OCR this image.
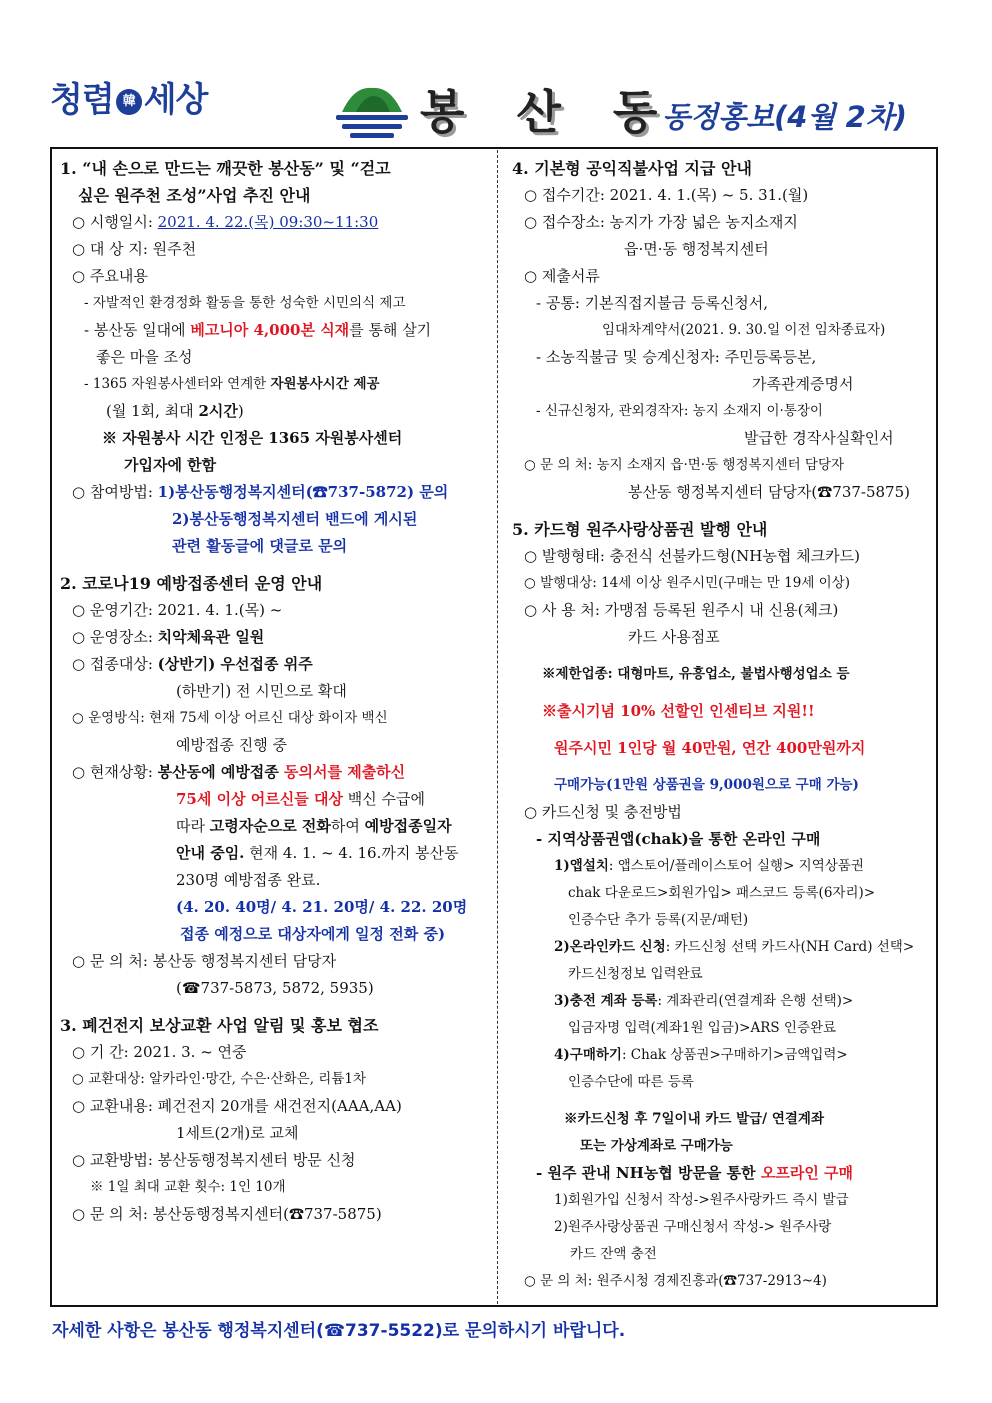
청렴 韓 세상	봉 산 동
동정홍보(4월 2차)
1. “내 손으로 만드는 깨끗한 봉산동” 및 “걷고
싶은 원주천 조성”사업 추진 안내
○ 시행일시: 2021. 4. 22.(목) 09:30~11:30
○ 대 상 지: 원주천
○ 주요내용
- 자발적인 환경정화 활동을 통한 성숙한 시민의식 제고
- 봉산동 일대에 베고니아 4,000본 식재를 통해 살기
좋은 마을 조성
- 1365 자원봉사센터와 연계한 자원봉사시간 제공
(월 1회, 최대 2시간)
※ 자원봉사 시간 인정은 1365 자원봉사센터
가입자에 한함
○ 참여방법: 1)봉산동행정복지센터(☎737-5872) 문의
2)봉산동행정복지센터 밴드에 게시된
관련 활동글에 댓글로 문의
2. 코로나19 예방접종센터 운영 안내
○ 운영기간: 2021. 4. 1.(목) ~
○ 운영장소: 치악체육관 일원
○ 접종대상: (상반기) 우선접종 위주
(하반기) 전 시민으로 확대
○ 운영방식: 현재 75세 이상 어르신 대상 화이자 백신
예방접종 진행 중
○ 현재상황: 봉산동에 예방접종 동의서를 제출하신
75세 이상 어르신들 대상 백신 수급에
따라 고령자순으로 전화하여 예방접종일자
안내 중임. 현재 4. 1. ~ 4. 16.까지 봉산동
230명 예방접종 완료.
(4. 20. 40명/ 4. 21. 20명/ 4. 22. 20명
접종 예정으로 대상자에게 일정 전화 중)
○ 문 의 처: 봉산동 행정복지센터 담당자
(☎737-5873, 5872, 5935)
3. 폐건전지 보상교환 사업 알림 및 홍보 협조
○ 기 간: 2021. 3. ~ 연중
○ 교환대상: 알카라인·망간, 수은·산화은, 리튬1차
○ 교환내용: 폐건전지 20개를 새건전지(AAA,AA)
1세트(2개)로 교체
○ 교환방법: 봉산동행정복지센터 방문 신청
※ 1일 최대 교환 횟수: 1인 10개
○ 문 의 처: 봉산동행정복지센터(☎737-5875)
4. 기본형 공익직불사업 지급 안내
○ 접수기간: 2021. 4. 1.(목) ~ 5. 31.(월)
○ 접수장소: 농지가 가장 넓은 농지소재지
읍·면·동 행정복지센터
○ 제출서류
- 공통: 기본직접지불금 등록신청서,
임대차계약서(2021. 9. 30.일 이전 임차종료자)
- 소농직불금 및 승계신청자: 주민등록등본,
가족관계증명서
- 신규신청자, 관외경작자: 농지 소재지 이·통장이
발급한 경작사실확인서
○ 문 의 처: 농지 소재지 읍·면·동 행정복지센터 담당자
봉산동 행정복지센터 담당자(☎737-5875)
5. 카드형 원주사랑상품권 발행 안내
○ 발행형태: 충전식 선불카드형(NH농협 체크카드)
○ 발행대상: 14세 이상 원주시민(구매는 만 19세 이상)
○ 사 용 처: 가맹점 등록된 원주시 내 신용(체크)
카드 사용점포
※제한업종: 대형마트, 유흥업소, 불법사행성업소 등
※출시기념 10% 선할인 인센티브 지원!!
원주시민 1인당 월 40만원, 연간 400만원까지
구매가능(1만원 상품권을 9,000원으로 구매 가능)
○ 카드신청 및 충전방법
- 지역상품권앱(chak)을 통한 온라인 구매
1)앱설치: 앱스토어/플레이스토어 실행> 지역상품권
chak 다운로드>회원가입> 패스코드 등록(6자리)>
인증수단 추가 등록(지문/패턴)
2)온라인카드 신청: 카드신청 선택 카드사(NH Card) 선택>
카드신청정보 입력완료
3)충전 계좌 등록: 계좌관리(연결계좌 은행 선택)>
입금자명 입력(계좌1원 입금)>ARS 인증완료
4)구매하기: Chak 상품권>구매하기>금액입력>
인증수단에 따른 등록
※카드신청 후 7일이내 카드 발급/ 연결계좌
또는 가상계좌로 구매가능
- 원주 관내 NH농협 방문을 통한 오프라인 구매
1)회원가입 신청서 작성->원주사랑카드 즉시 발급
2)원주사랑상품권 구매신청서 작성-> 원주사랑
카드 잔액 충전
○ 문 의 처: 원주시청 경제진흥과(☎737-2913~4)
자세한 사항은 봉산동 행정복지센터(☎737-5522)로 문의하시기 바랍니다.
